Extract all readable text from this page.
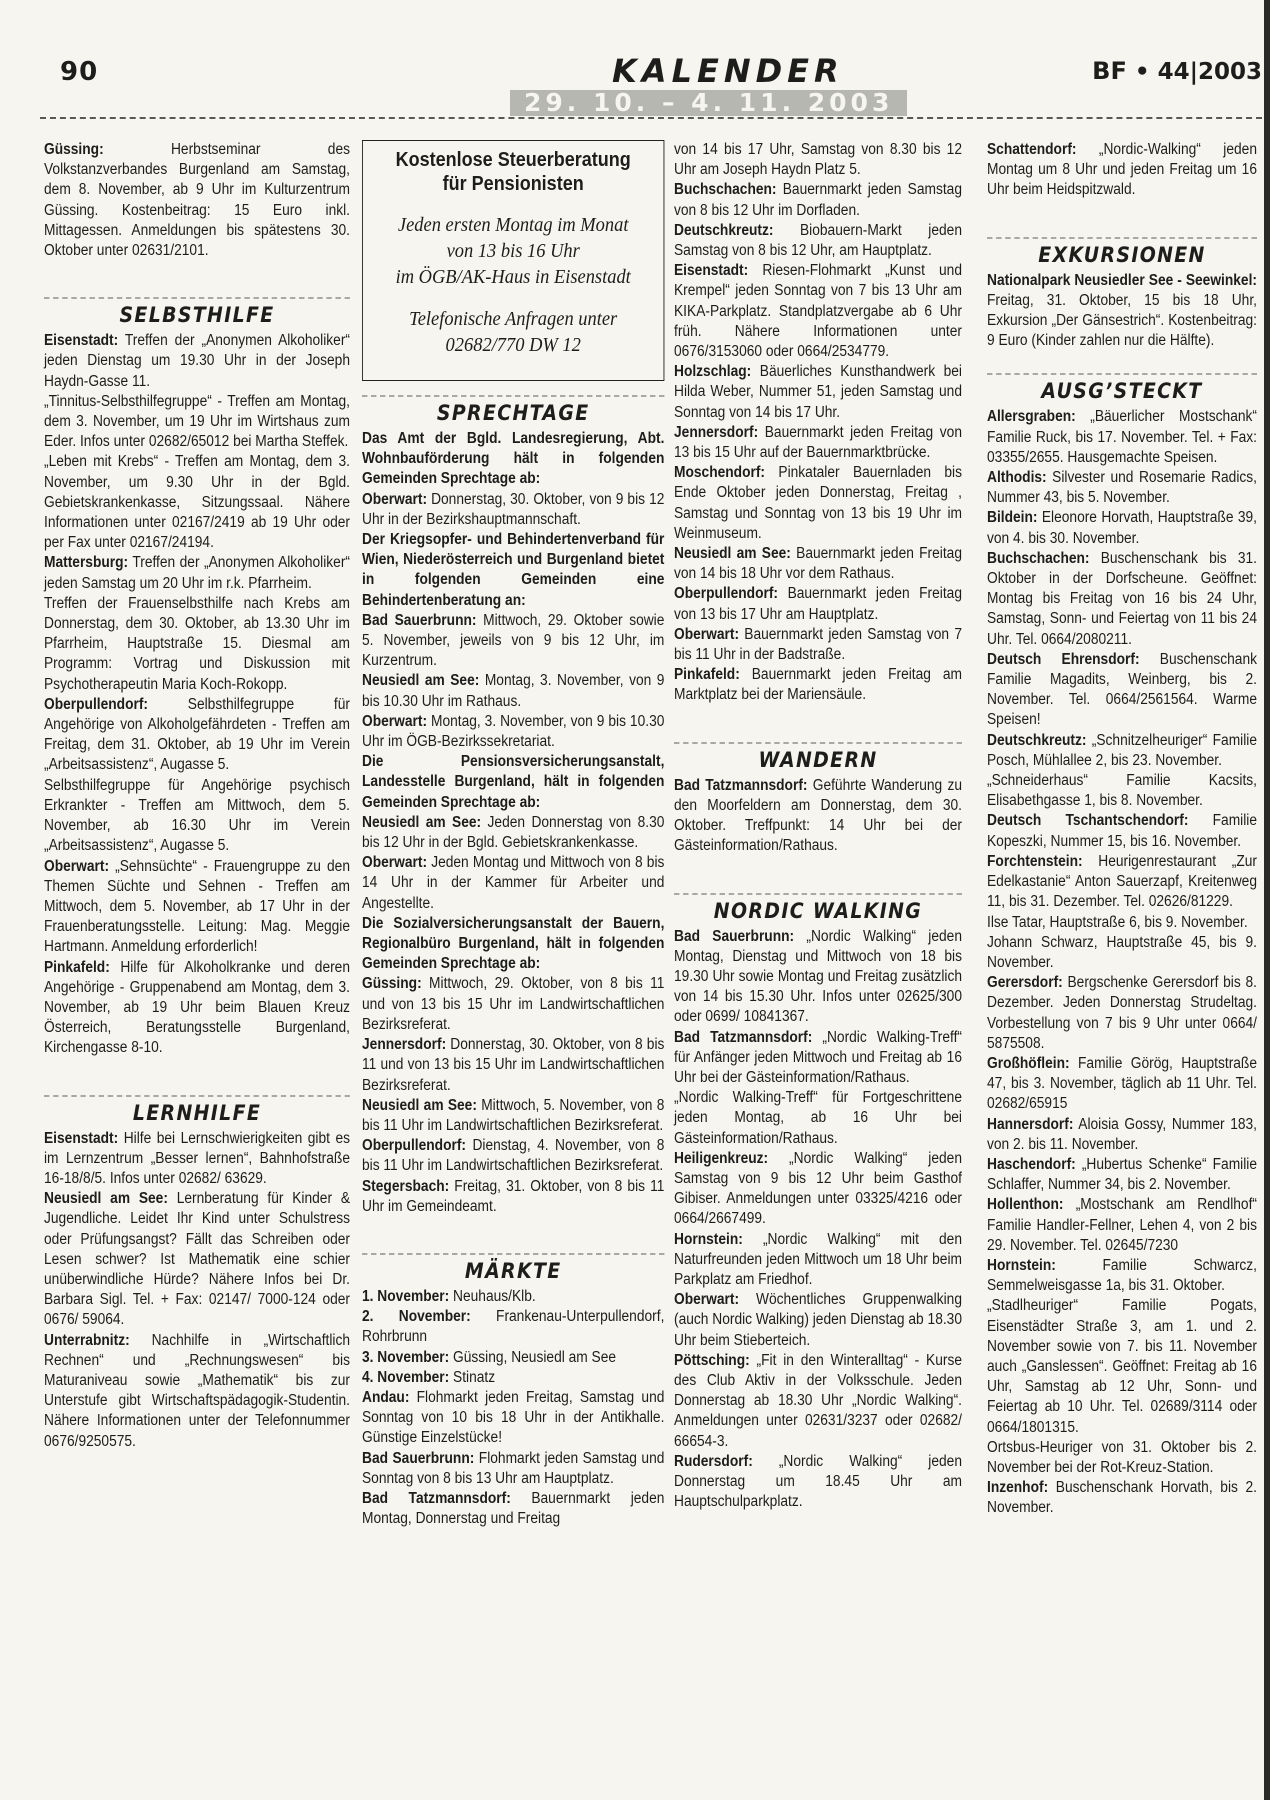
90	KALENDER	BF • 44|2003
29. 10. – 4. 11. 2003

Güssing: Herbstseminar des Volkstanzverbandes Burgenland am Samstag, dem 8. November, ab 9 Uhr im Kulturzentrum Güssing. Kostenbeitrag: 15 Euro inkl. Mittagessen. Anmeldungen bis spätestens 30. Oktober unter 02631/2101.

SELBSTHILFE

Eisenstadt: Treffen der „Anonymen Alkoholiker“ jeden Dienstag um 19.30 Uhr in der Joseph Haydn-Gasse 11.

„Tinnitus-Selbsthilfegruppe“ - Treffen am Montag, dem 3. November, um 19 Uhr im Wirtshaus zum Eder. Infos unter 02682/65012 bei Martha Steffek.

„Leben mit Krebs“ - Treffen am Montag, dem 3. November, um 9.30 Uhr in der Bgld. Gebietskrankenkasse, Sitzungssaal. Nähere Informationen unter 02167/2419 ab 19 Uhr oder per Fax unter 02167/24194.

Mattersburg: Treffen der „Anonymen Alkoholiker“ jeden Samstag um 20 Uhr im r.k. Pfarrheim.

Treffen der Frauenselbsthilfe nach Krebs am Donnerstag, dem 30. Oktober, ab 13.30 Uhr im Pfarrheim, Hauptstraße 15. Diesmal am Programm: Vortrag und Diskussion mit Psychotherapeutin Maria Koch-Rokopp.

Oberpullendorf: Selbsthilfegruppe für Angehörige von Alkoholgefährdeten - Treffen am Freitag, dem 31. Oktober, ab 19 Uhr im Verein „Arbeitsassistenz“, Augasse 5.

Selbsthilfegruppe für Angehörige psychisch Erkrankter - Treffen am Mittwoch, dem 5. November, ab 16.30 Uhr im Verein „Arbeitsassistenz“, Augasse 5.

Oberwart: „Sehnsüchte“ - Frauengruppe zu den Themen Süchte und Sehnen - Treffen am Mittwoch, dem 5. November, ab 17 Uhr in der Frauenberatungsstelle. Leitung: Mag. Meggie Hartmann. Anmeldung erforderlich!

Pinkafeld: Hilfe für Alkoholkranke und deren Angehörige - Gruppenabend am Montag, dem 3. November, ab 19 Uhr beim Blauen Kreuz Österreich, Beratungsstelle Burgenland, Kirchengasse 8-10.

LERNHILFE

Eisenstadt: Hilfe bei Lernschwierigkeiten gibt es im Lernzentrum „Besser lernen“, Bahnhofstraße 16-18/8/5. Infos unter 02682/ 63629.

Neusiedl am See: Lernberatung für Kinder & Jugendliche. Leidet Ihr Kind unter Schulstress oder Prüfungsangst? Fällt das Schreiben oder Lesen schwer? Ist Mathematik eine schier unüberwindliche Hürde? Nähere Infos bei Dr. Barbara Sigl. Tel. + Fax: 02147/ 7000-124 oder 0676/ 59064.

Unterrabnitz: Nachhilfe in „Wirtschaftlich Rechnen“ und „Rechnungswesen“ bis Maturaniveau sowie „Mathematik“ bis zur Unterstufe gibt Wirtschaftspädagogik-Studentin. Nähere Informationen unter der Telefonnummer 0676/9250575.

Kostenlose Steuerberatung
für Pensionisten
Jeden ersten Montag im Monat
von 13 bis 16 Uhr
im ÖGB/AK-Haus in Eisenstadt
Telefonische Anfragen unter
02682/770 DW 12
SPRECHTAGE

Das Amt der Bgld. Landesregierung, Abt. Wohnbauförderung hält in folgenden Gemeinden Sprechtage ab:

Oberwart: Donnerstag, 30. Oktober, von 9 bis 12 Uhr in der Bezirkshauptmannschaft.

Der Kriegsopfer- und Behindertenverband für Wien, Niederösterreich und Burgenland bietet in folgenden Gemeinden eine Behindertenberatung an:

Bad Sauerbrunn: Mittwoch, 29. Oktober sowie 5. November, jeweils von 9 bis 12 Uhr, im Kurzentrum.

Neusiedl am See: Montag, 3. November, von 9 bis 10.30 Uhr im Rathaus.

Oberwart: Montag, 3. November, von 9 bis 10.30 Uhr im ÖGB-Bezirkssekretariat.

Die Pensionsversicherungsanstalt, Landesstelle Burgenland, hält in folgenden Gemeinden Sprechtage ab:

Neusiedl am See: Jeden Donnerstag von 8.30 bis 12 Uhr in der Bgld. Gebietskrankenkasse.

Oberwart: Jeden Montag und Mittwoch von 8 bis 14 Uhr in der Kammer für Arbeiter und Angestellte.

Die Sozialversicherungsanstalt der Bauern, Regionalbüro Burgenland, hält in folgenden Gemeinden Sprechtage ab:

Güssing: Mittwoch, 29. Oktober, von 8 bis 11 und von 13 bis 15 Uhr im Landwirtschaftlichen Bezirksreferat.

Jennersdorf: Donnerstag, 30. Oktober, von 8 bis 11 und von 13 bis 15 Uhr im Landwirtschaftlichen Bezirksreferat.

Neusiedl am See: Mittwoch, 5. November, von 8 bis 11 Uhr im Landwirtschaftlichen Bezirksreferat.

Oberpullendorf: Dienstag, 4. November, von 8 bis 11 Uhr im Landwirtschaftlichen Bezirksreferat.

Stegersbach: Freitag, 31. Oktober, von 8 bis 11 Uhr im Gemeindeamt.

MÄRKTE

1. November: Neuhaus/Klb.

2. November: Frankenau-Unterpullendorf, Rohrbrunn

3. November: Güssing, Neusiedl am See

4. November: Stinatz

Andau: Flohmarkt jeden Freitag, Samstag und Sonntag von 10 bis 18 Uhr in der Antikhalle. Günstige Einzelstücke!

Bad Sauerbrunn: Flohmarkt jeden Samstag und Sonntag von 8 bis 13 Uhr am Hauptplatz.

Bad Tatzmannsdorf: Bauernmarkt jeden Montag, Donnerstag und Freitag

von 14 bis 17 Uhr, Samstag von 8.30 bis 12 Uhr am Joseph Haydn Platz 5.

Buchschachen: Bauernmarkt jeden Samstag von 8 bis 12 Uhr im Dorfladen.

Deutschkreutz: Biobauern-Markt jeden Samstag von 8 bis 12 Uhr, am Hauptplatz.

Eisenstadt: Riesen-Flohmarkt „Kunst und Krempel“ jeden Sonntag von 7 bis 13 Uhr am KIKA-Parkplatz. Standplatzvergabe ab 6 Uhr früh. Nähere Informationen unter 0676/3153060 oder 0664/2534779.

Holzschlag: Bäuerliches Kunsthandwerk bei Hilda Weber, Nummer 51, jeden Samstag und Sonntag von 14 bis 17 Uhr.

Jennersdorf: Bauernmarkt jeden Freitag von 13 bis 15 Uhr auf der Bauernmarktbrücke.

Moschendorf: Pinkataler Bauernladen bis Ende Oktober jeden Donnerstag, Freitag , Samstag und Sonntag von 13 bis 19 Uhr im Weinmuseum.

Neusiedl am See: Bauernmarkt jeden Freitag von 14 bis 18 Uhr vor dem Rathaus.

Oberpullendorf: Bauernmarkt jeden Freitag von 13 bis 17 Uhr am Hauptplatz.

Oberwart: Bauernmarkt jeden Samstag von 7 bis 11 Uhr in der Badstraße.

Pinkafeld: Bauernmarkt jeden Freitag am Marktplatz bei der Mariensäule.

WANDERN

Bad Tatzmannsdorf: Geführte Wanderung zu den Moorfeldern am Donnerstag, dem 30. Oktober. Treffpunkt: 14 Uhr bei der Gästeinformation/Rathaus.

NORDIC WALKING

Bad Sauerbrunn: „Nordic Walking“ jeden Montag, Dienstag und Mittwoch von 18 bis 19.30 Uhr sowie Montag und Freitag zusätzlich von 14 bis 15.30 Uhr. Infos unter 02625/300 oder 0699/ 10841367.

Bad Tatzmannsdorf: „Nordic Walking-Treff“ für Anfänger jeden Mittwoch und Freitag ab 16 Uhr bei der Gästeinformation/Rathaus.

„Nordic Walking-Treff“ für Fortgeschrittene jeden Montag, ab 16 Uhr bei Gästeinformation/Rathaus.

Heiligenkreuz: „Nordic Walking“ jeden Samstag von 9 bis 12 Uhr beim Gasthof Gibiser. Anmeldungen unter 03325/4216 oder 0664/2667499.

Hornstein: „Nordic Walking“ mit den Naturfreunden jeden Mittwoch um 18 Uhr beim Parkplatz am Friedhof.

Oberwart: Wöchentliches Gruppenwalking (auch Nordic Walking) jeden Dienstag ab 18.30 Uhr beim Stieberteich.

Pöttsching: „Fit in den Winteralltag“ - Kurse des Club Aktiv in der Volksschule. Jeden Donnerstag ab 18.30 Uhr „Nordic Walking“. Anmeldungen unter 02631/3237 oder 02682/ 66654-3.

Rudersdorf: „Nordic Walking“ jeden Donnerstag um 18.45 Uhr am Hauptschulparkplatz.

Schattendorf: „Nordic-Walking“ jeden Montag um 8 Uhr und jeden Freitag um 16 Uhr beim Heidspitzwald.

EXKURSIONEN

Nationalpark Neusiedler See - Seewinkel: Freitag, 31. Oktober, 15 bis 18 Uhr, Exkursion „Der Gänsestrich“. Kostenbeitrag: 9 Euro (Kinder zahlen nur die Hälfte).

AUSG’STECKT

Allersgraben: „Bäuerlicher Mostschank“ Familie Ruck, bis 17. November. Tel. + Fax: 03355/2655. Hausgemachte Speisen.

Althodis: Silvester und Rosemarie Radics, Nummer 43, bis 5. November.

Bildein: Eleonore Horvath, Hauptstraße 39, von 4. bis 30. November.

Buchschachen: Buschenschank bis 31. Oktober in der Dorfscheune. Geöffnet: Montag bis Freitag von 16 bis 24 Uhr, Samstag, Sonn- und Feiertag von 11 bis 24 Uhr. Tel. 0664/2080211.

Deutsch Ehrensdorf: Buschenschank Familie Magadits, Weinberg, bis 2. November. Tel. 0664/2561564. Warme Speisen!

Deutschkreutz: „Schnitzelheuriger“ Familie Posch, Mühlallee 2, bis 23. November.

„Schneiderhaus“ Familie Kacsits, Elisabethgasse 1, bis 8. November.

Deutsch Tschantschendorf: Familie Kopeszki, Nummer 15, bis 16. November.

Forchtenstein: Heurigenrestaurant „Zur Edelkastanie“ Anton Sauerzapf, Kreitenweg 11, bis 31. Dezember. Tel. 02626/81229.

Ilse Tatar, Hauptstraße 6, bis 9. November.

Johann Schwarz, Hauptstraße 45, bis 9. November.

Gerersdorf: Bergschenke Gerersdorf bis 8. Dezember. Jeden Donnerstag Strudeltag. Vorbestellung von 7 bis 9 Uhr unter 0664/ 5875508.

Großhöflein: Familie Görög, Hauptstraße 47, bis 3. November, täglich ab 11 Uhr. Tel. 02682/65915

Hannersdorf: Aloisia Gossy, Nummer 183, von 2. bis 11. November.

Haschendorf: „Hubertus Schenke“ Familie Schlaffer, Nummer 34, bis 2. November.

Hollenthon: „Mostschank am Rendlhof“ Familie Handler-Fellner, Lehen 4, von 2 bis 29. November. Tel. 02645/7230

Hornstein: Familie Schwarcz, Semmelweisgasse 1a, bis 31. Oktober.

„Stadlheuriger“ Familie Pogats, Eisenstädter Straße 3, am 1. und 2. November sowie von 7. bis 11. November auch „Ganslessen“. Geöffnet: Freitag ab 16 Uhr, Samstag ab 12 Uhr, Sonn- und Feiertag ab 10 Uhr. Tel. 02689/3114 oder 0664/1801315.

Ortsbus-Heuriger von 31. Oktober bis 2. November bei der Rot-Kreuz-Station.

Inzenhof: Buschenschank Horvath, bis 2. November.
